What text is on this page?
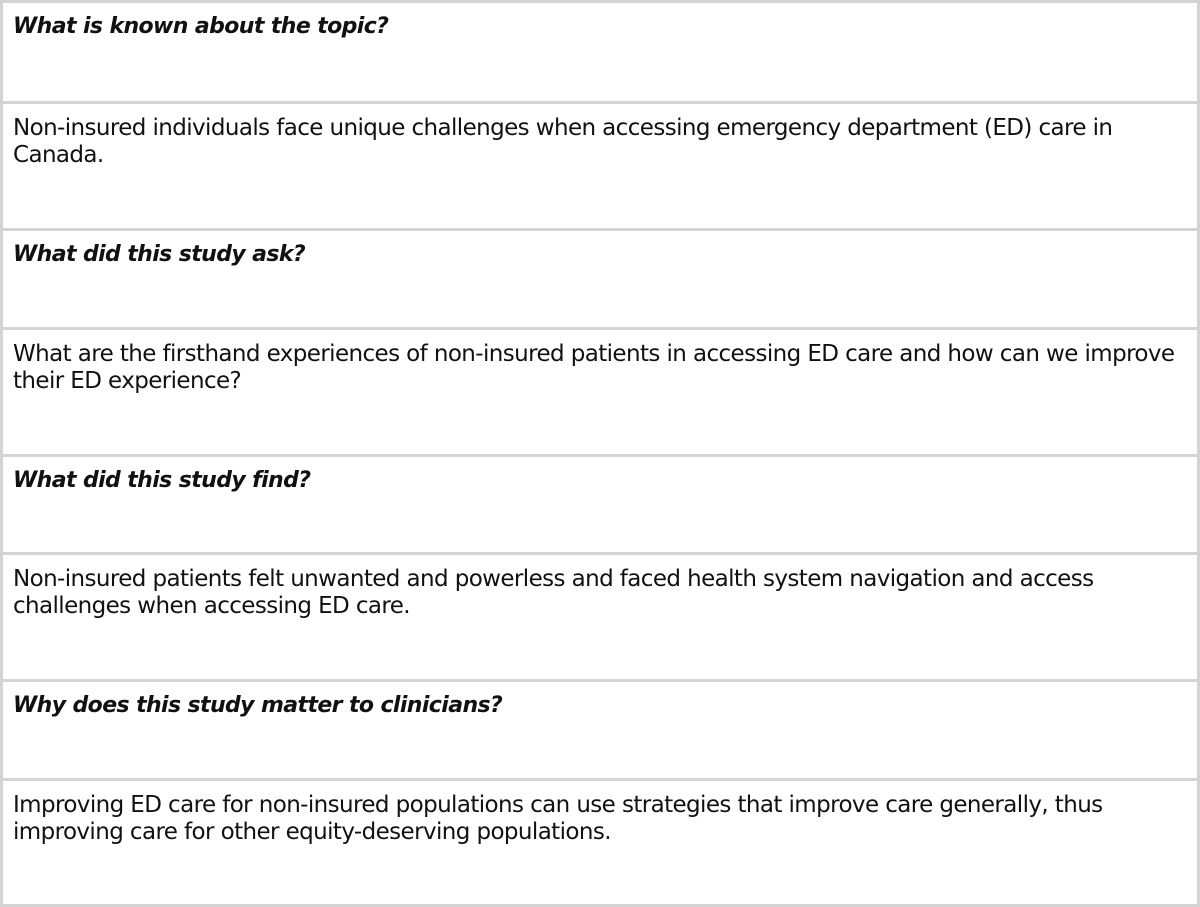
What is known about the topic?
Non-insured individuals face unique challenges when accessing emergency department (ED) care in Canada.
What did this study ask?
What are the firsthand experiences of non-insured patients in accessing ED care and how can we improve their ED experience?
What did this study find?
Non-insured patients felt unwanted and powerless and faced health system navigation and access challenges when accessing ED care.
Why does this study matter to clinicians?
Improving ED care for non-insured populations can use strategies that improve care generally, thus improving care for other equity-deserving populations.
